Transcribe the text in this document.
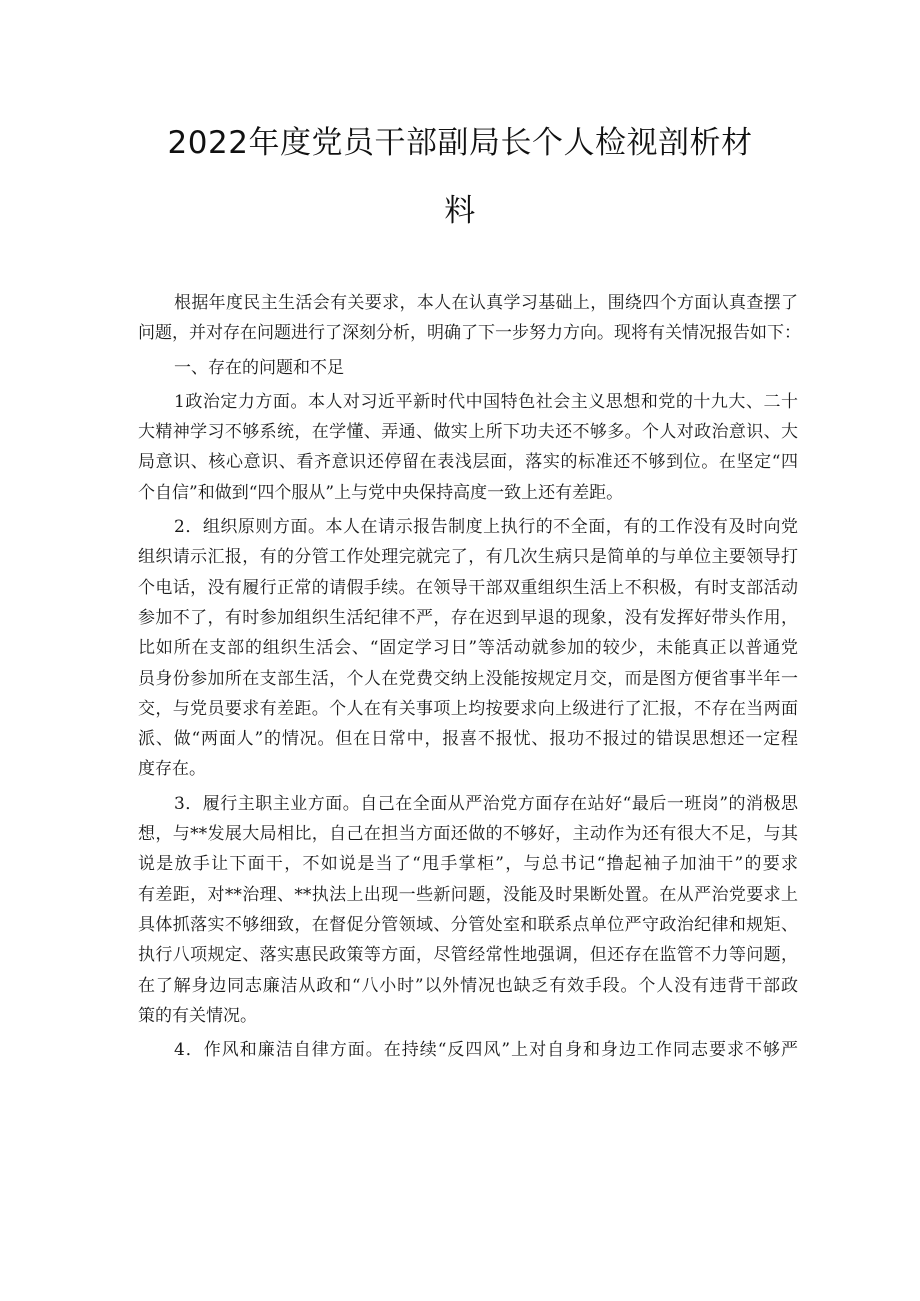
2022年度党员干部副局长个人检视剖析材
料
根据年度民主生活会有关要求，本人在认真学习基础上，围绕四个方面认真查摆了
问题，并对存在问题进行了深刻分析，明确了下一步努力方向。现将有关情况报告如下：
一、存在的问题和不足
1政治定力方面。本人对习近平新时代中国特色社会主义思想和党的十九大、二十
大精神学习不够系统，在学懂、弄通、做实上所下功夫还不够多。个人对政治意识、大
局意识、核心意识、看齐意识还停留在表浅层面，落实的标准还不够到位。在坚定“四
个自信”和做到“四个服从”上与党中央保持高度一致上还有差距。
2．组织原则方面。本人在请示报告制度上执行的不全面，有的工作没有及时向党
组织请示汇报，有的分管工作处理完就完了，有几次生病只是简单的与单位主要领导打
个电话，没有履行正常的请假手续。在领导干部双重组织生活上不积极，有时支部活动
参加不了，有时参加组织生活纪律不严，存在迟到早退的现象，没有发挥好带头作用，
比如所在支部的组织生活会、“固定学习日”等活动就参加的较少，未能真正以普通党
员身份参加所在支部生活，个人在党费交纳上没能按规定月交，而是图方便省事半年一
交，与党员要求有差距。个人在有关事项上均按要求向上级进行了汇报，不存在当两面
派、做“两面人”的情况。但在日常中，报喜不报忧、报功不报过的错误思想还一定程
度存在。
3．履行主职主业方面。自己在全面从严治党方面存在站好“最后一班岗”的消极思
想，与**发展大局相比，自己在担当方面还做的不够好，主动作为还有很大不足，与其
说是放手让下面干，不如说是当了“甩手掌柜”，与总书记“撸起袖子加油干”的要求
有差距，对**治理、**执法上出现一些新问题，没能及时果断处置。在从严治党要求上
具体抓落实不够细致，在督促分管领域、分管处室和联系点单位严守政治纪律和规矩、
执行八项规定、落实惠民政策等方面，尽管经常性地强调，但还存在监管不力等问题，
在了解身边同志廉洁从政和“八小时”以外情况也缺乏有效手段。个人没有违背干部政
策的有关情况。
4．作风和廉洁自律方面。在持续“反四风”上对自身和身边工作同志要求不够严
